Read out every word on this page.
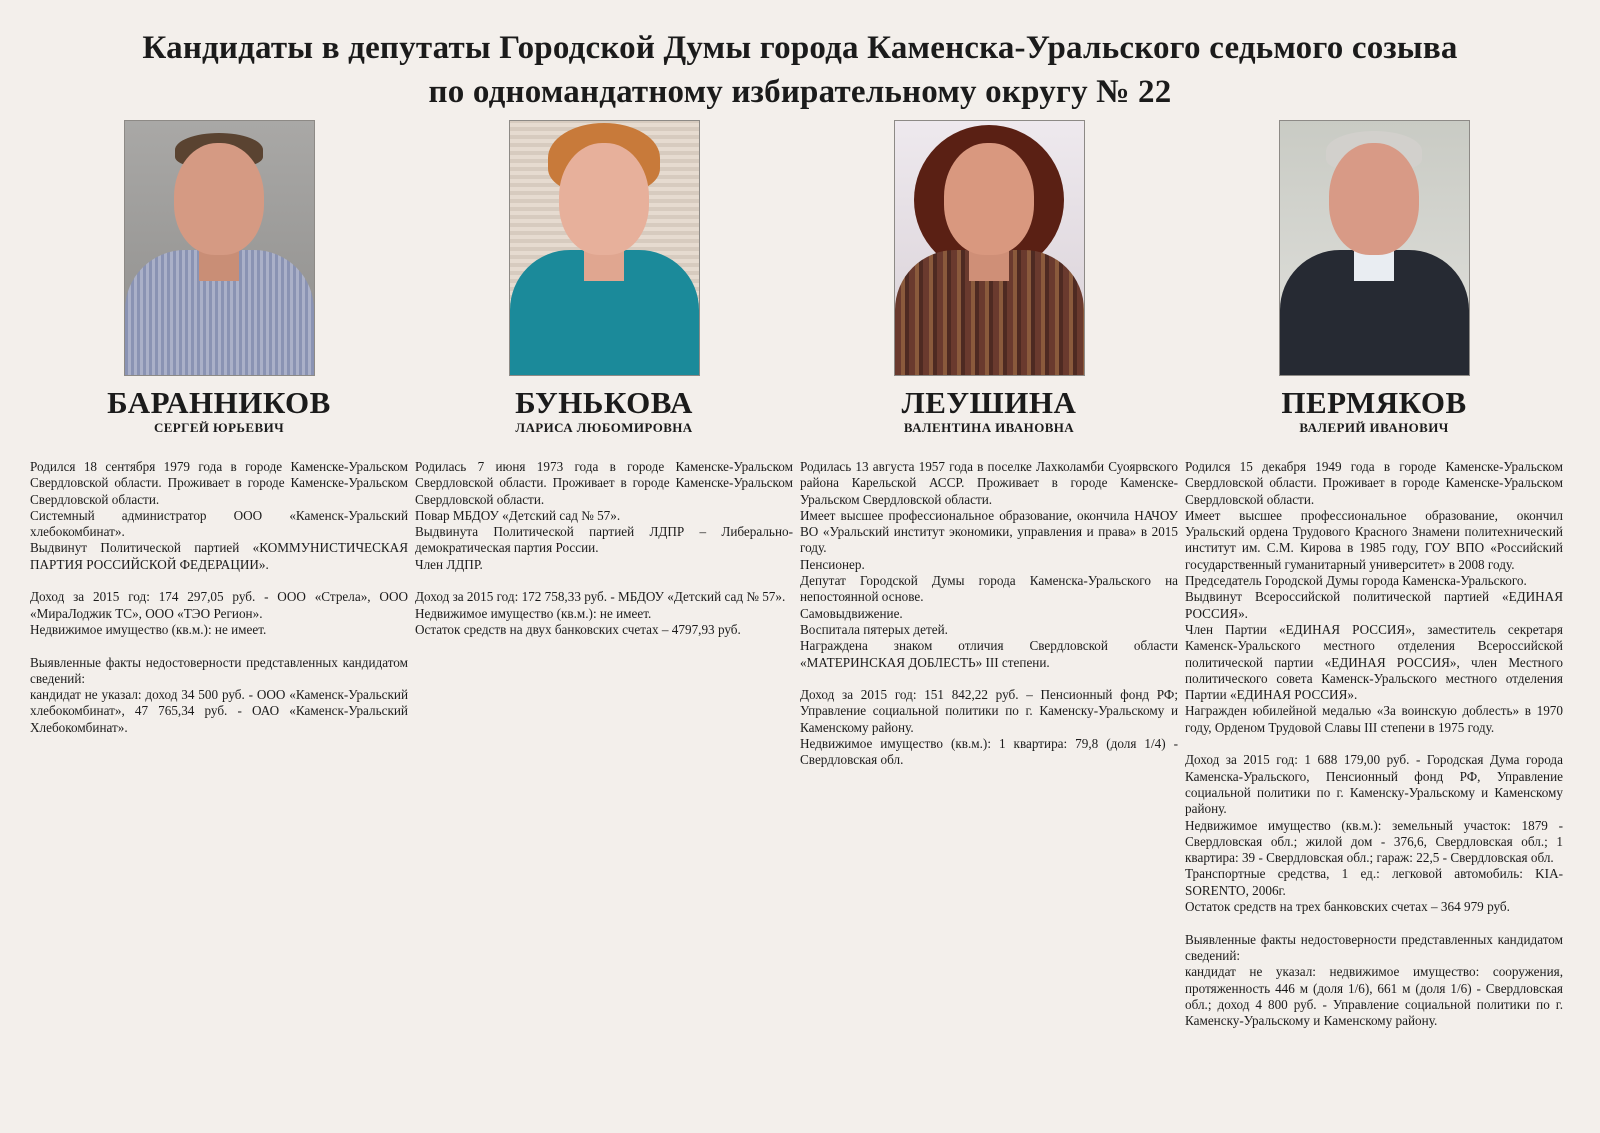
Кандидаты в депутаты Городской Думы города Каменска-Уральского седьмого созыва
по одномандатному избирательному округу № 22
БАРАННИКОВ
СЕРГЕЙ ЮРЬЕВИЧ

Родился 18 сентября 1979 года в городе Каменске-Уральском Свердловской области. Проживает в городе Каменске-Уральском Свердловской области.

Системный администратор ООО «Каменск-Уральский хлебокомбинат».

Выдвинут Политической партией «КОММУНИСТИЧЕСКАЯ ПАРТИЯ РОССИЙСКОЙ ФЕДЕРАЦИИ».

Доход за 2015 год: 174 297,05 руб. - ООО «Стрела», ООО «МираЛоджик ТС», ООО «ТЭО Регион».

Недвижимое имущество (кв.м.): не имеет.

Выявленные факты недостоверности представленных кандидатом сведений:

кандидат не указал: доход 34 500 руб. - ООО «Каменск-Уральский хлебокомбинат», 47 765,34 руб. - ОАО «Каменск-Уральский Хлебокомбинат».

БУНЬКОВА
ЛАРИСА ЛЮБОМИРОВНА

Родилась 7 июня 1973 года в городе Каменске-Уральском Свердловской области. Проживает в городе Каменске-Уральском Свердловской области.

Повар МБДОУ «Детский сад № 57».

Выдвинута Политической партией ЛДПР – Либерально-демократическая партия России.

Член ЛДПР.

Доход за 2015 год: 172 758,33 руб. - МБДОУ «Детский сад № 57».

Недвижимое имущество (кв.м.): не имеет.

Остаток средств на двух банковских счетах – 4797,93 руб.

ЛЕУШИНА
ВАЛЕНТИНА ИВАНОВНА

Родилась 13 августа 1957 года в поселке Лахколамби Суоярвского района Карельской АССР. Проживает в городе Каменске-Уральском Свердловской области.

Имеет высшее профессиональное образование, окончила НАЧОУ ВО «Уральский институт экономики, управления и права» в 2015 году.

Пенсионер.

Депутат Городской Думы города Каменска-Уральского на непостоянной основе.

Самовыдвижение.

Воспитала пятерых детей.

Награждена знаком отличия Свердловской области «МАТЕРИНСКАЯ ДОБЛЕСТЬ» III степени.

Доход за 2015 год: 151 842,22 руб. – Пенсионный фонд РФ; Управление социальной политики по г. Каменску-Уральскому и Каменскому району.

Недвижимое имущество (кв.м.): 1 квартира: 79,8 (доля 1/4) - Свердловская обл.

ПЕРМЯКОВ
ВАЛЕРИЙ ИВАНОВИЧ

Родился 15 декабря 1949 года в городе Каменске-Уральском Свердловской области. Проживает в городе Каменске-Уральском Свердловской области.

Имеет высшее профессиональное образование, окончил Уральский ордена Трудового Красного Знамени политехнический институт им. С.М. Кирова в 1985 году, ГОУ ВПО «Российский государственный гуманитарный университет» в 2008 году.

Председатель Городской Думы города Каменска-Уральского.

Выдвинут Всероссийской политической партией «ЕДИНАЯ РОССИЯ».

Член Партии «ЕДИНАЯ РОССИЯ», заместитель секретаря Каменск-Уральского местного отделения Всероссийской политической партии «ЕДИНАЯ РОССИЯ», член Местного политического совета Каменск-Уральского местного отделения Партии «ЕДИНАЯ РОССИЯ».

Награжден юбилейной медалью «За воинскую доблесть» в 1970 году, Орденом Трудовой Славы III степени в 1975 году.

Доход за 2015 год: 1 688 179,00 руб. - Городская Дума города Каменска-Уральского, Пенсионный фонд РФ, Управление социальной политики по г. Каменску-Уральскому и Каменскому району.

Недвижимое имущество (кв.м.): земельный участок: 1879 - Свердловская обл.; жилой дом - 376,6, Свердловская обл.; 1 квартира: 39 - Свердловская обл.; гараж: 22,5 - Свердловская обл.

Транспортные средства, 1 ед.: легковой автомобиль: KIA-SORENTO, 2006г.

Остаток средств на трех банковских счетах – 364 979 руб.

Выявленные факты недостоверности представленных кандидатом сведений:

кандидат не указал: недвижимое имущество: сооружения, протяженность 446 м (доля 1/6), 661 м (доля 1/6) - Свердловская обл.; доход 4 800 руб. - Управление социальной политики по г. Каменску-Уральскому и Каменскому району.
